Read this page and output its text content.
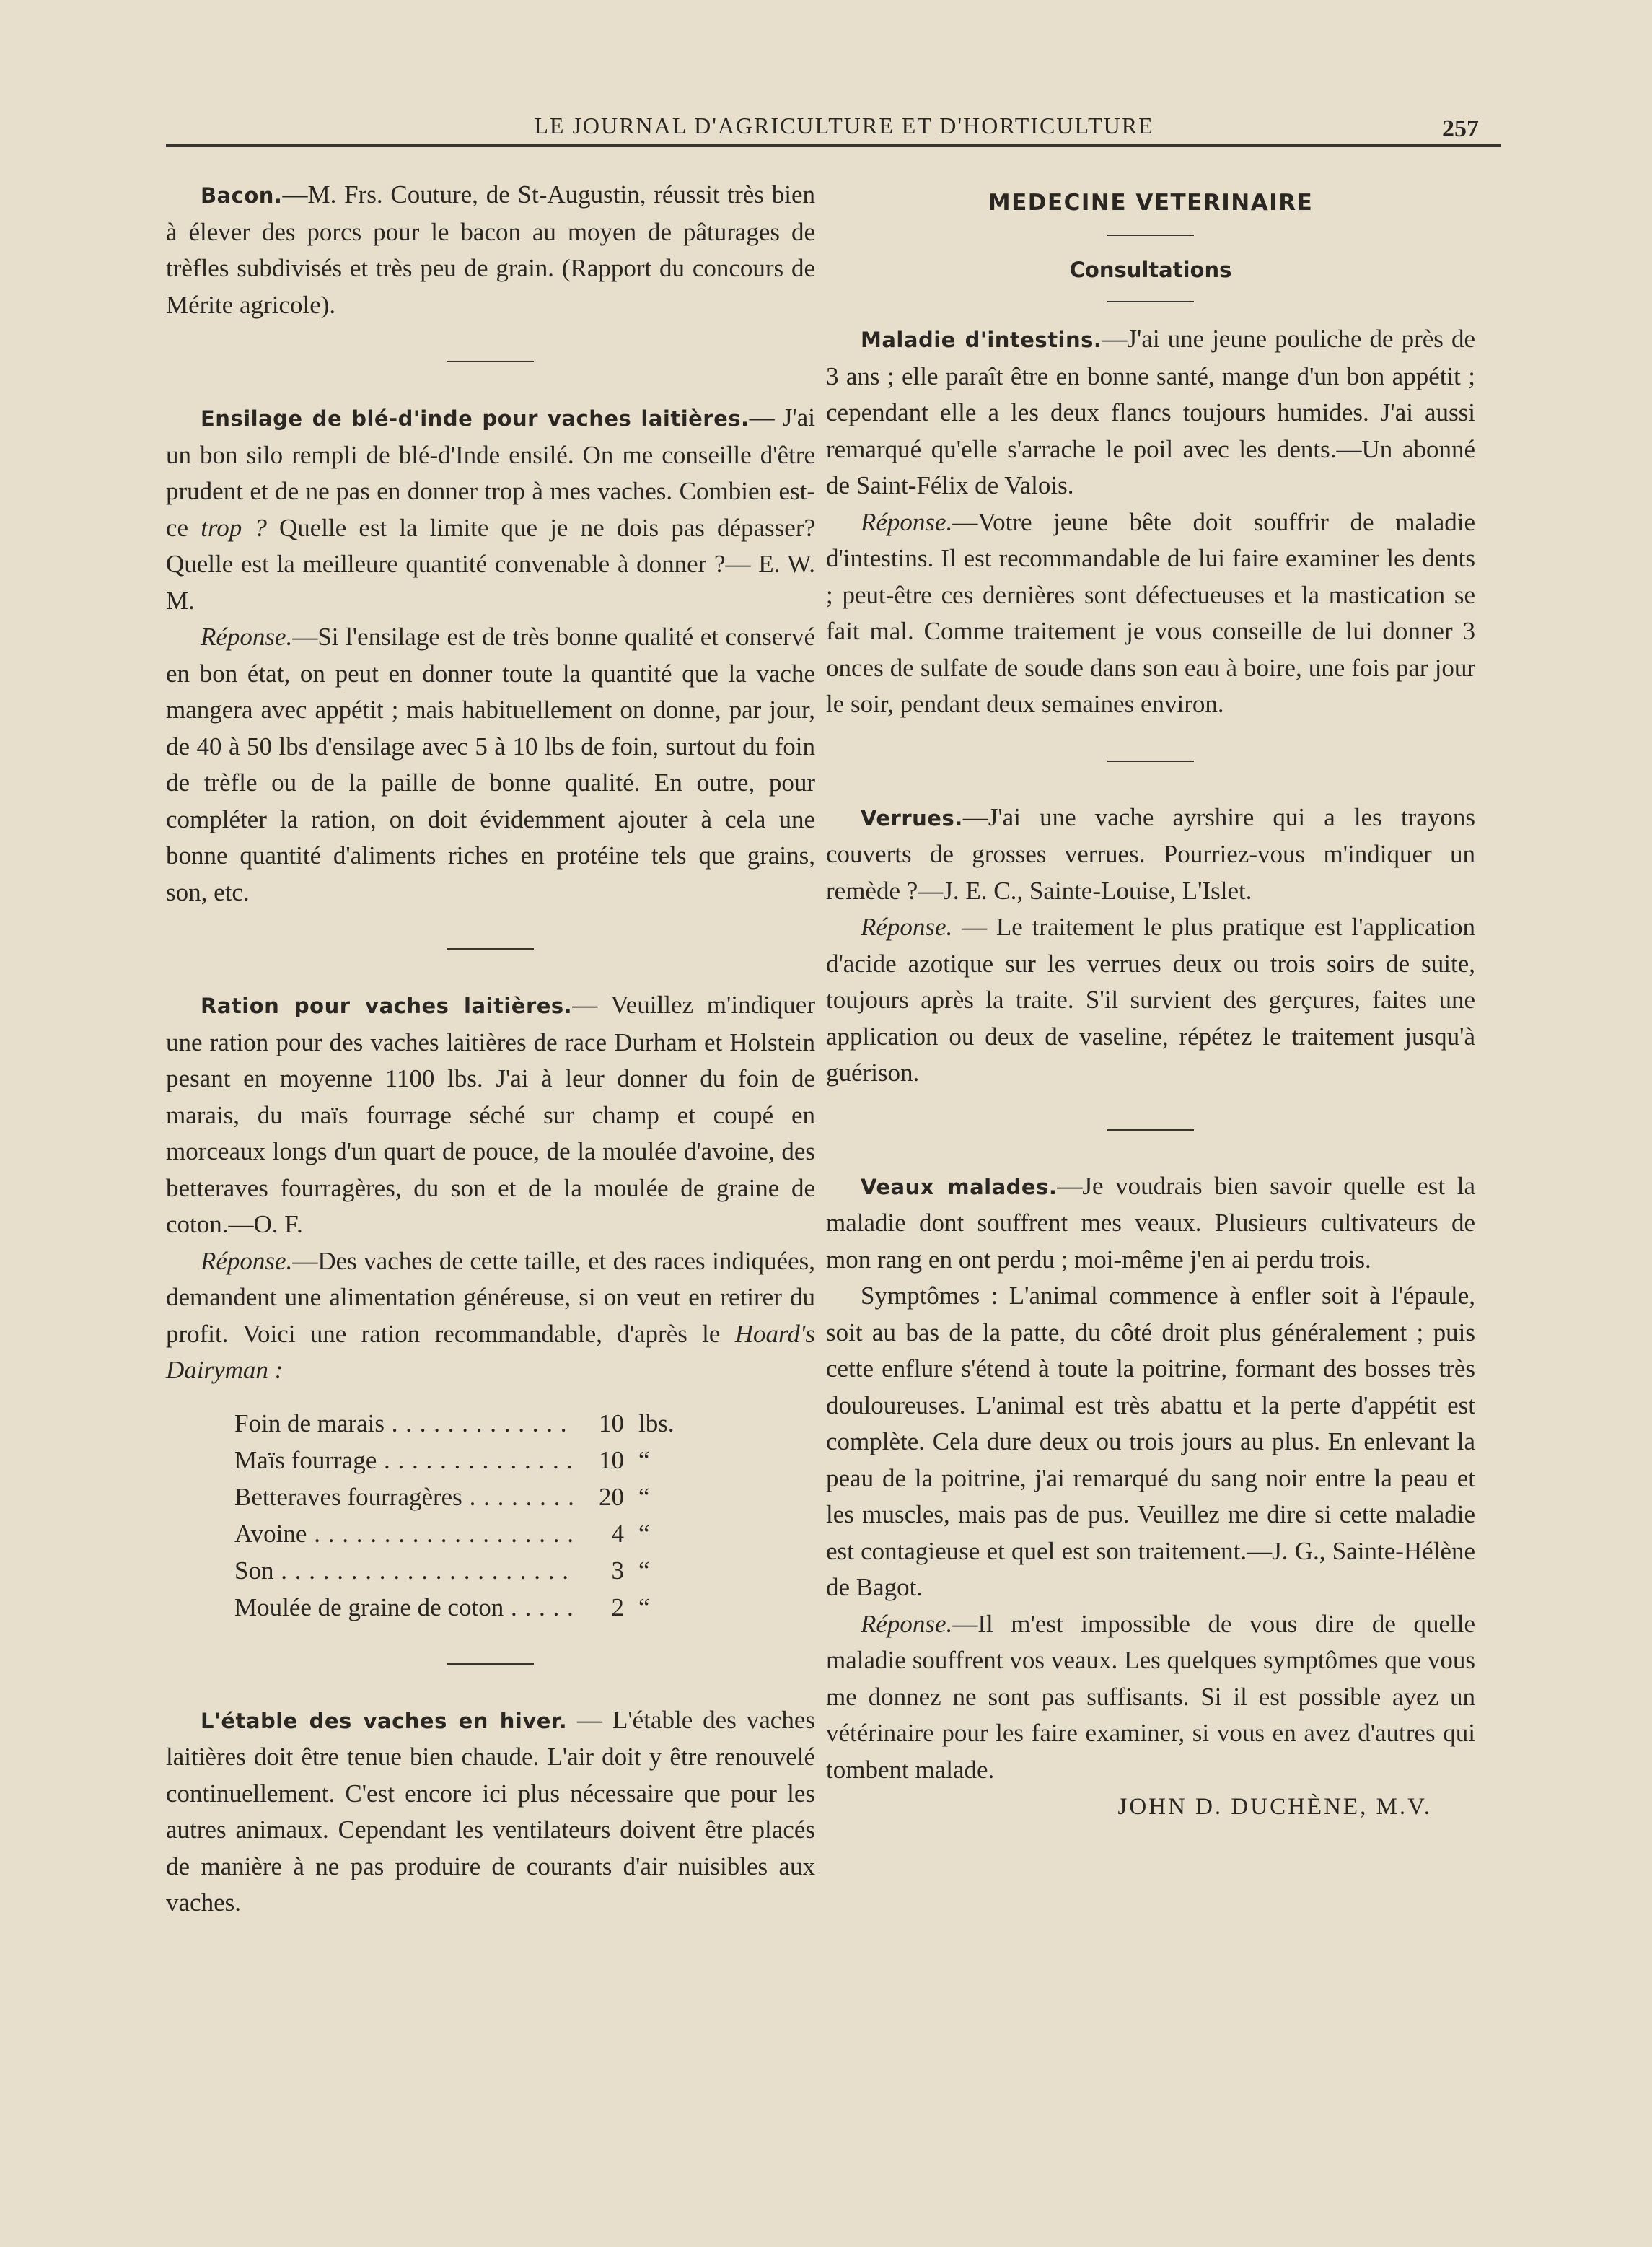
LE JOURNAL D'AGRICULTURE ET D'HORTICULTURE	257

Bacon.—M. Frs. Couture, de St-Augustin, réussit très bien à élever des porcs pour le bacon au moyen de pâturages de trèfles subdivisés et très peu de grain. (Rapport du concours de Mérite agricole).

Ensilage de blé-d'inde pour vaches laitières.— J'ai un bon silo rempli de blé-d'Inde ensilé. On me conseille d'être prudent et de ne pas en donner trop à mes vaches. Combien est-ce trop ? Quelle est la limite que je ne dois pas dépasser? Quelle est la meilleure quantité convenable à donner ?— E. W. M.

Réponse.—Si l'ensilage est de très bonne qualité et conservé en bon état, on peut en donner toute la quantité que la vache mangera avec appétit ; mais habituellement on donne, par jour, de 40 à 50 lbs d'ensilage avec 5 à 10 lbs de foin, surtout du foin de trèfle ou de la paille de bonne qualité. En outre, pour compléter la ration, on doit évidemment ajouter à cela une bonne quantité d'aliments riches en protéine tels que grains, son, etc.

Ration pour vaches laitières.— Veuillez m'indiquer une ration pour des vaches laitières de race Durham et Holstein pesant en moyenne 1100 lbs. J'ai à leur donner du foin de marais, du maïs fourrage séché sur champ et coupé en morceaux longs d'un quart de pouce, de la moulée d'avoine, des betteraves fourragères, du son et de la moulée de graine de coton.—O. F.

Réponse.—Des vaches de cette taille, et des races indiquées, demandent une alimentation généreuse, si on veut en retirer du profit. Voici une ration recommandable, d'après le Hoard's Dairyman :

Foin de marais . . .	10 lbs.
Maïs fourrage . . .	10 “
Betteraves fourragères . . .	20 “
Avoine . . .	4 “
Son . . .	3 “
Moulée de graine de coton . . .	2 “

L'étable des vaches en hiver. — L'étable des vaches laitières doit être tenue bien chaude. L'air doit y être renouvelé continuellement. C'est encore ici plus nécessaire que pour les autres animaux. Cependant les ventilateurs doivent être placés de manière à ne pas produire de courants d'air nuisibles aux vaches.

MEDECINE VETERINAIRE
Consultations

Maladie d'intestins.—J'ai une jeune pouliche de près de 3 ans ; elle paraît être en bonne santé, mange d'un bon appétit ; cependant elle a les deux flancs toujours humides. J'ai aussi remarqué qu'elle s'arrache le poil avec les dents.—Un abonné de Saint-Félix de Valois.

Réponse.—Votre jeune bête doit souffrir de maladie d'intestins. Il est recommandable de lui faire examiner les dents ; peut-être ces dernières sont défectueuses et la mastication se fait mal. Comme traitement je vous conseille de lui donner 3 onces de sulfate de soude dans son eau à boire, une fois par jour le soir, pendant deux semaines environ.

Verrues.—J'ai une vache ayrshire qui a les trayons couverts de grosses verrues. Pourriez-vous m'indiquer un remède ?—J. E. C., Sainte-Louise, L'Islet.

Réponse. — Le traitement le plus pratique est l'application d'acide azotique sur les verrues deux ou trois soirs de suite, toujours après la traite. S'il survient des gerçures, faites une application ou deux de vaseline, répétez le traitement jusqu'à guérison.

Veaux malades.—Je voudrais bien savoir quelle est la maladie dont souffrent mes veaux. Plusieurs cultivateurs de mon rang en ont perdu ; moi-même j'en ai perdu trois.

Symptômes : L'animal commence à enfler soit à l'épaule, soit au bas de la patte, du côté droit plus généralement ; puis cette enflure s'étend à toute la poitrine, formant des bosses très douloureuses. L'animal est très abattu et la perte d'appétit est complète. Cela dure deux ou trois jours au plus. En enlevant la peau de la poitrine, j'ai remarqué du sang noir entre la peau et les muscles, mais pas de pus. Veuillez me dire si cette maladie est contagieuse et quel est son traitement.—J. G., Sainte-Hélène de Bagot.

Réponse.—Il m'est impossible de vous dire de quelle maladie souffrent vos veaux. Les quelques symptômes que vous me donnez ne sont pas suffisants. Si il est possible ayez un vétérinaire pour les faire examiner, si vous en avez d'autres qui tombent malade.

JOHN D. DUCHÈNE, M.V.
